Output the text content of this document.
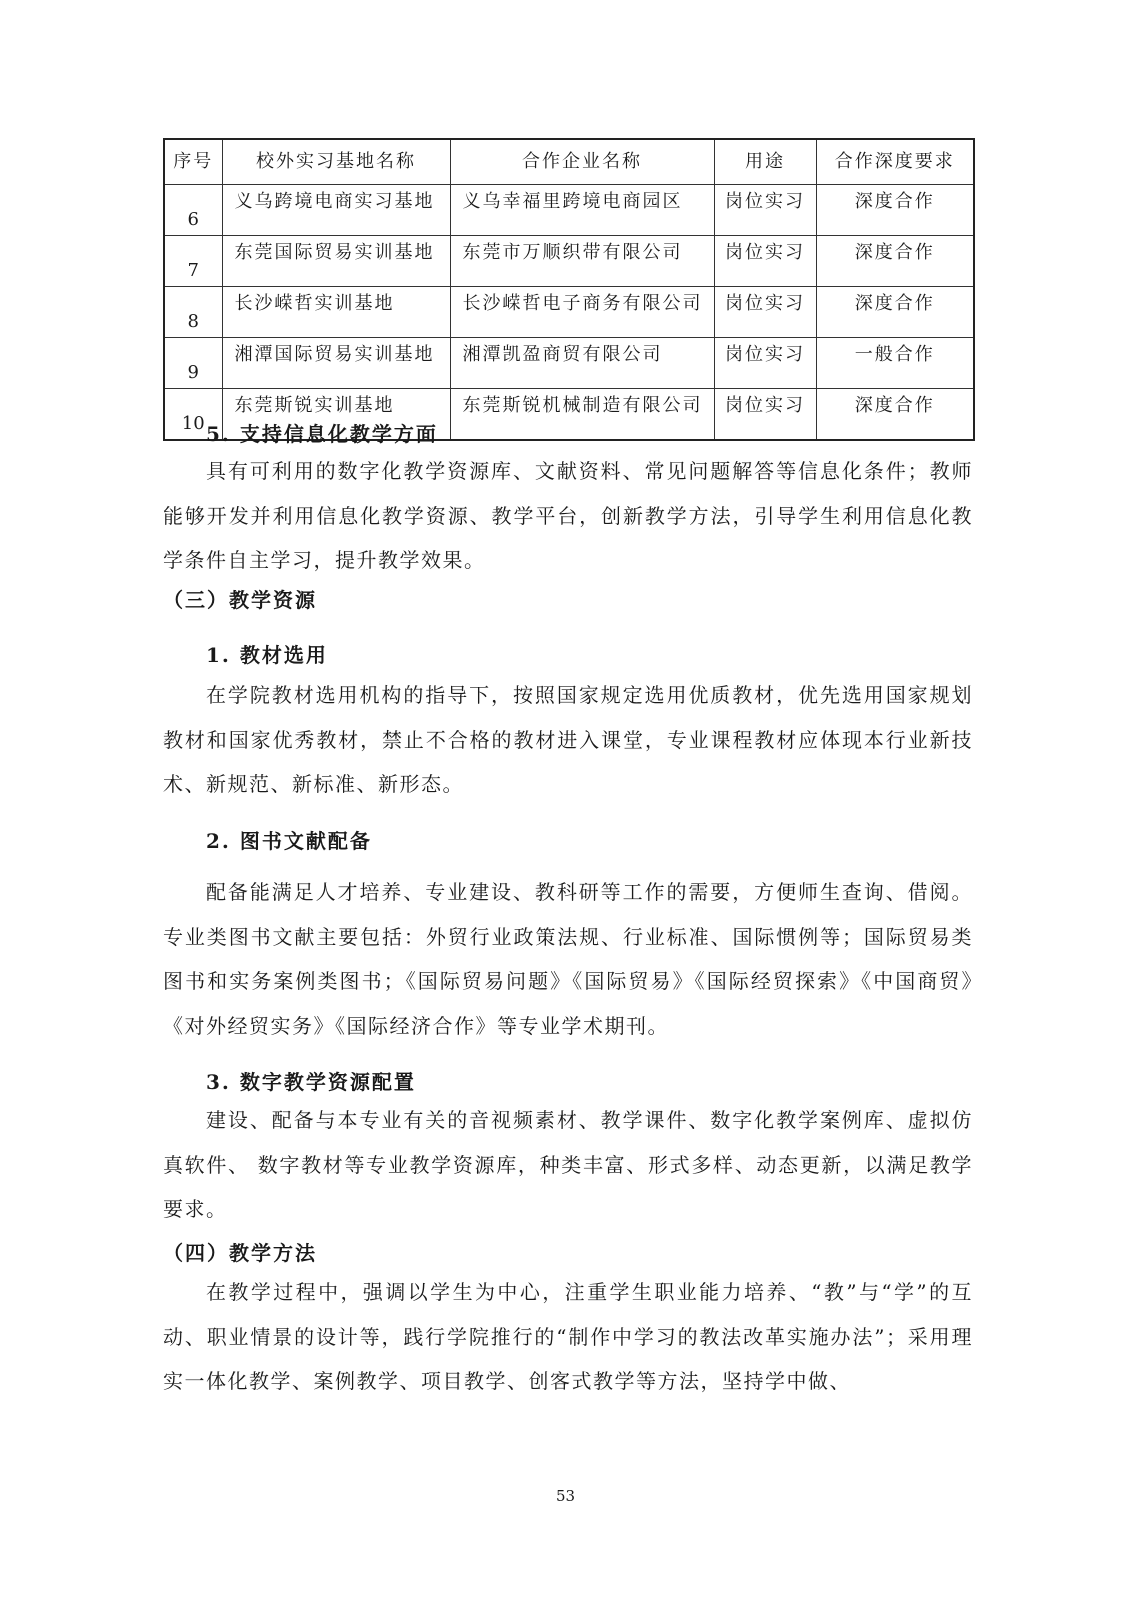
序号	校外实习基地名称	合作企业名称	用途	合作深度要求
6	义乌跨境电商实习基地	义乌幸福里跨境电商园区	岗位实习	深度合作
7	东莞国际贸易实训基地	东莞市万顺织带有限公司	岗位实习	深度合作
8	长沙嵘哲实训基地	长沙嵘哲电子商务有限公司	岗位实习	深度合作
9	湘潭国际贸易实训基地	湘潭凯盈商贸有限公司	岗位实习	一般合作
10	东莞斯锐实训基地	东莞斯锐机械制造有限公司	岗位实习	深度合作
5. 支持信息化教学方面
具有可利用的数字化教学资源库、文献资料、常见问题解答等信息化条件；教师能够开发并利用信息化教学资源、教学平台，创新教学方法，引导学生利用信息化教学条件自主学习，提升教学效果。
（三）教学资源
1. 教材选用
在学院教材选用机构的指导下，按照国家规定选用优质教材，优先选用国家规划教材和国家优秀教材，禁止不合格的教材进入课堂，专业课程教材应体现本行业新技术、新规范、新标准、新形态。
2. 图书文献配备
配备能满足人才培养、专业建设、教科研等工作的需要，方便师生查询、借阅。专业类图书文献主要包括：外贸行业政策法规、行业标准、国际惯例等；国际贸易类图书和实务案例类图书；《国际贸易问题》《国际贸易》《国际经贸探索》《中国商贸》　《对外经贸实务》《国际经济合作》等专业学术期刊。
3. 数字教学资源配置
建设、配备与本专业有关的音视频素材、教学课件、数字化教学案例库、虚拟仿真软件、 数字教材等专业教学资源库，种类丰富、形式多样、动态更新，以满足教学要求。
（四）教学方法
在教学过程中，强调以学生为中心，注重学生职业能力培养、“教”与“学”的互动、职业情景的设计等，践行学院推行的“制作中学习的教法改革实施办法”；采用理实一体化教学、案例教学、项目教学、创客式教学等方法，坚持学中做、
53
